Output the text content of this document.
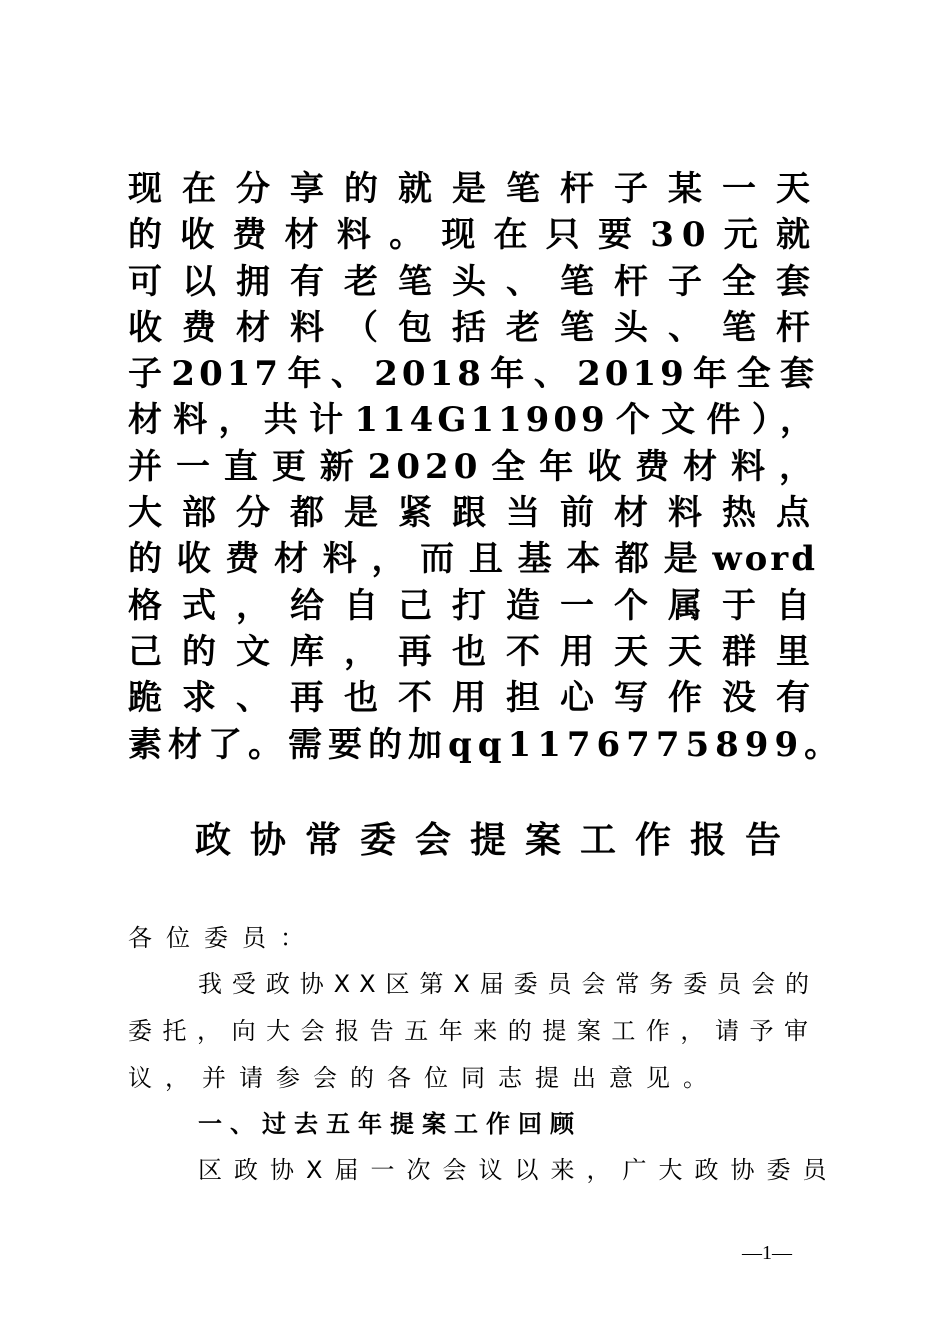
现在分享的就是笔杆子某一天
的收费材料。现在只要30元就
可以拥有老笔头、笔杆子全套
收费材料（包括老笔头、笔杆
子2017年、2018年、2019年全套
材料，共计114G11909个文件），
并一直更新2020全年收费材料，
大部分都是紧跟当前材料热点
的收费材料，而且基本都是word
格式，给自己打造一个属于自
己的文库，再也不用天天群里
跪求、再也不用担心写作没有
素材了。需要的加qq1176775899。
政协常委会提案工作报告
各位委员：
我受政协XX区第X届委员会常务委员会的
委托，向大会报告五年来的提案工作，请予审
议，并请参会的各位同志提出意见。
一、过去五年提案工作回顾
区政协X届一次会议以来，广大政协委员
—1—
